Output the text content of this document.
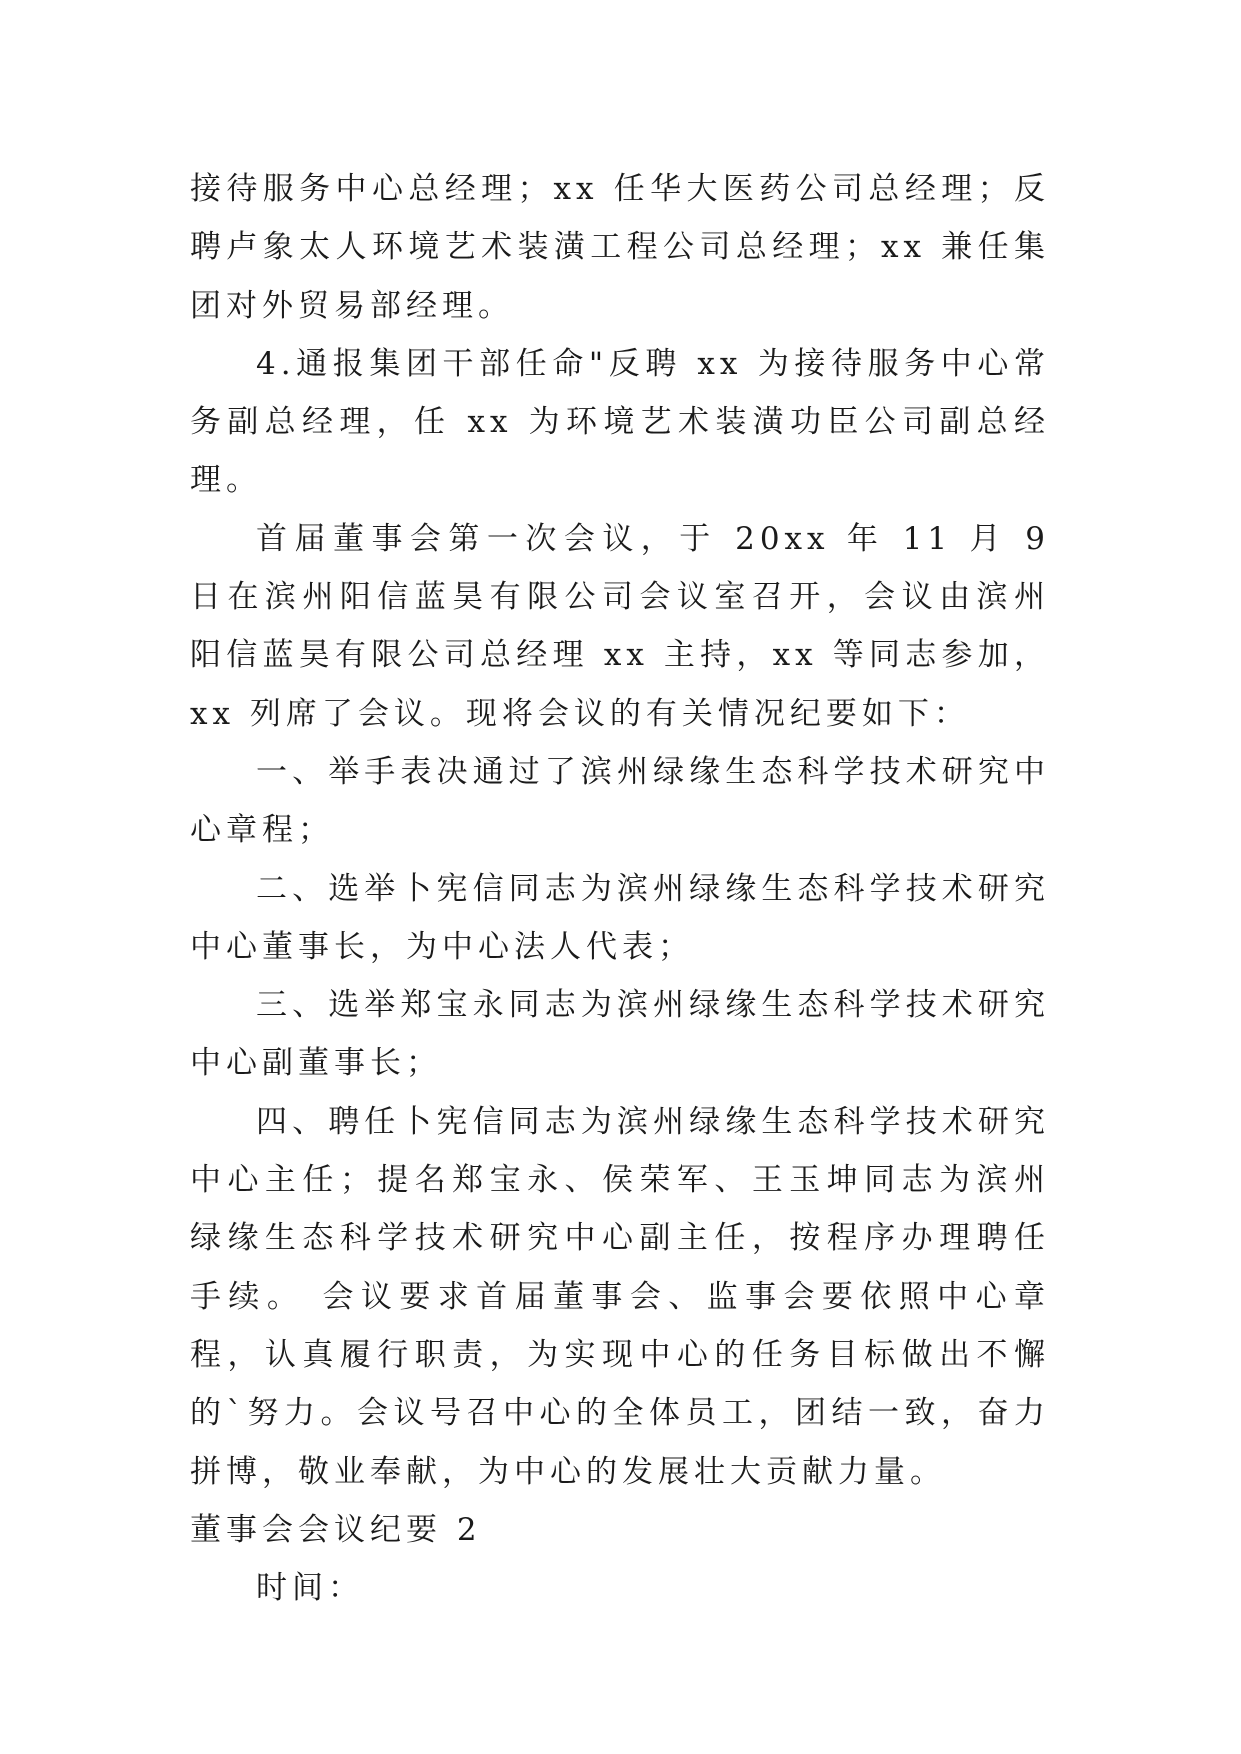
接待服务中心总经理；xx 任华大医药公司总经理；反聘卢象太人环境艺术装潢工程公司总经理；xx 兼任集团对外贸易部经理。

4.通报集团干部任命"反聘 xx 为接待服务中心常务副总经理，任 xx 为环境艺术装潢功臣公司副总经理。

首届董事会第一次会议，于 20xx 年 11 月 9 日在滨州阳信蓝昊有限公司会议室召开，会议由滨州阳信蓝昊有限公司总经理 xx 主持，xx 等同志参加，xx 列席了会议。现将会议的有关情况纪要如下：

一、举手表决通过了滨州绿缘生态科学技术研究中心章程；

二、选举卜宪信同志为滨州绿缘生态科学技术研究中心董事长，为中心法人代表；

三、选举郑宝永同志为滨州绿缘生态科学技术研究中心副董事长；

四、聘任卜宪信同志为滨州绿缘生态科学技术研究中心主任；提名郑宝永、侯荣军、王玉坤同志为滨州绿缘生态科学技术研究中心副主任，按程序办理聘任手续。 会议要求首届董事会、监事会要依照中心章程，认真履行职责，为实现中心的任务目标做出不懈的`努力。会议号召中心的全体员工，团结一致，奋力拼博，敬业奉献，为中心的发展壮大贡献力量。

董事会会议纪要 2

时间：
